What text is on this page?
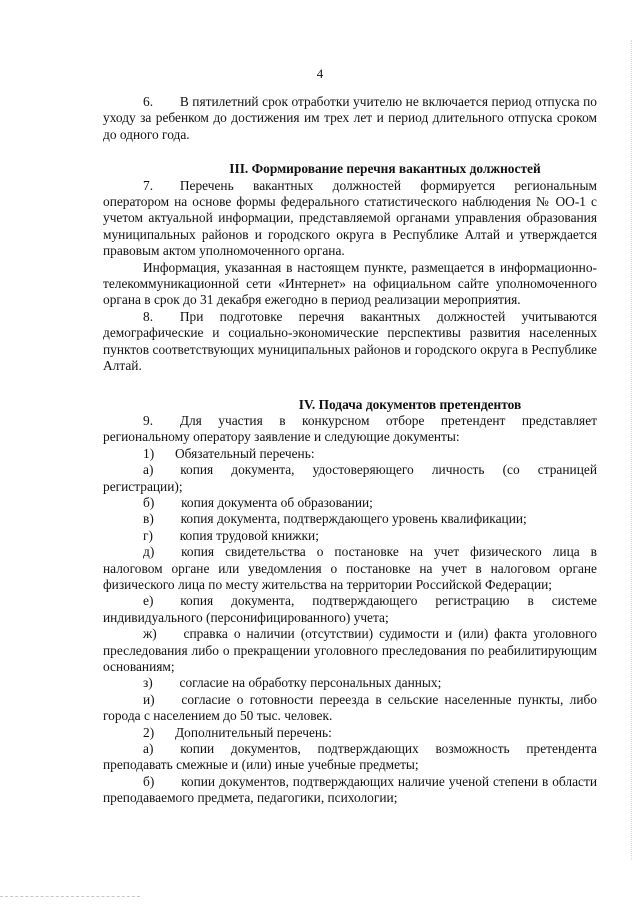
4

6.  В пятилетний срок отработки учителю не включается период отпуска по уходу за ребенком до достижения им трех лет и период длительного отпуска сроком до одного года.

III. Формирование перечня вакантных должностей

7.  Перечень вакантных должностей формируется региональным оператором на основе формы федерального статистического наблюдения № ОО-1 с учетом актуальной информации, представляемой органами управления образования муниципальных районов и городского округа в Республике Алтай и утверждается правовым актом уполномоченного органа.

Информация, указанная в настоящем пункте, размещается в информационно-телекоммуникационной сети «Интернет» на официальном сайте уполномоченного органа в срок до 31 декабря ежегодно в период реализации мероприятия.

8.  При подготовке перечня вакантных должностей учитываются демографические и социально-экономические перспективы развития населенных пунктов соответствующих муниципальных районов и городского округа в Республике Алтай.

IV. Подача документов претендентов

9.  Для участия в конкурсном отборе претендент представляет региональному оператору заявление и следующие документы:

1)	Обязательный перечень:

а)   копия документа, удостоверяющего личность (со страницей регистрации);

б)   копия документа об образовании;

в)   копия документа, подтверждающего уровень квалификации;

г)   копия трудовой книжки;

д)   копия свидетельства о постановке на учет физического лица в налоговом органе или уведомления о постановке на учет в налоговом органе физического лица по месту жительства на территории Российской Федерации;

е)   копия документа, подтверждающего регистрацию в системе индивидуального (персонифицированного) учета;

ж)   справка о наличии (отсутствии) судимости и (или) факта уголовного преследования либо о прекращении уголовного преследования по реабилитирующим основаниям;

з)   согласие на обработку персональных данных;

и)   согласие о готовности переезда в сельские населенные пункты, либо города с населением до 50 тыс. человек.

2)	Дополнительный перечень:

а)   копии документов, подтверждающих возможность претендента преподавать смежные и (или) иные учебные предметы;

б)   копии документов, подтверждающих наличие ученой степени в области преподаваемого предмета, педагогики, психологии;
